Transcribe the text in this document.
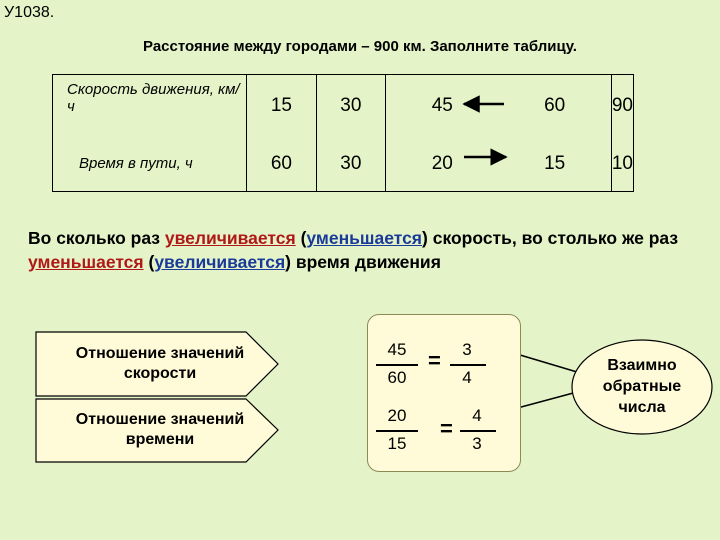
У1038.
Расстояние между городами – 900 км. Заполните таблицу.
Скорость движения, км/ч	15	30	45 60	90
Время в пути, ч	60	30	20 15	10
Во сколько раз увеличивается (уменьшается) скорость, во столько же раз уменьшается (увеличивается) время движения
Отношение значений скорости
Отношение значений времени
45
60
=	3
4
20
15
=
4
3
Взаимно обратные числа
